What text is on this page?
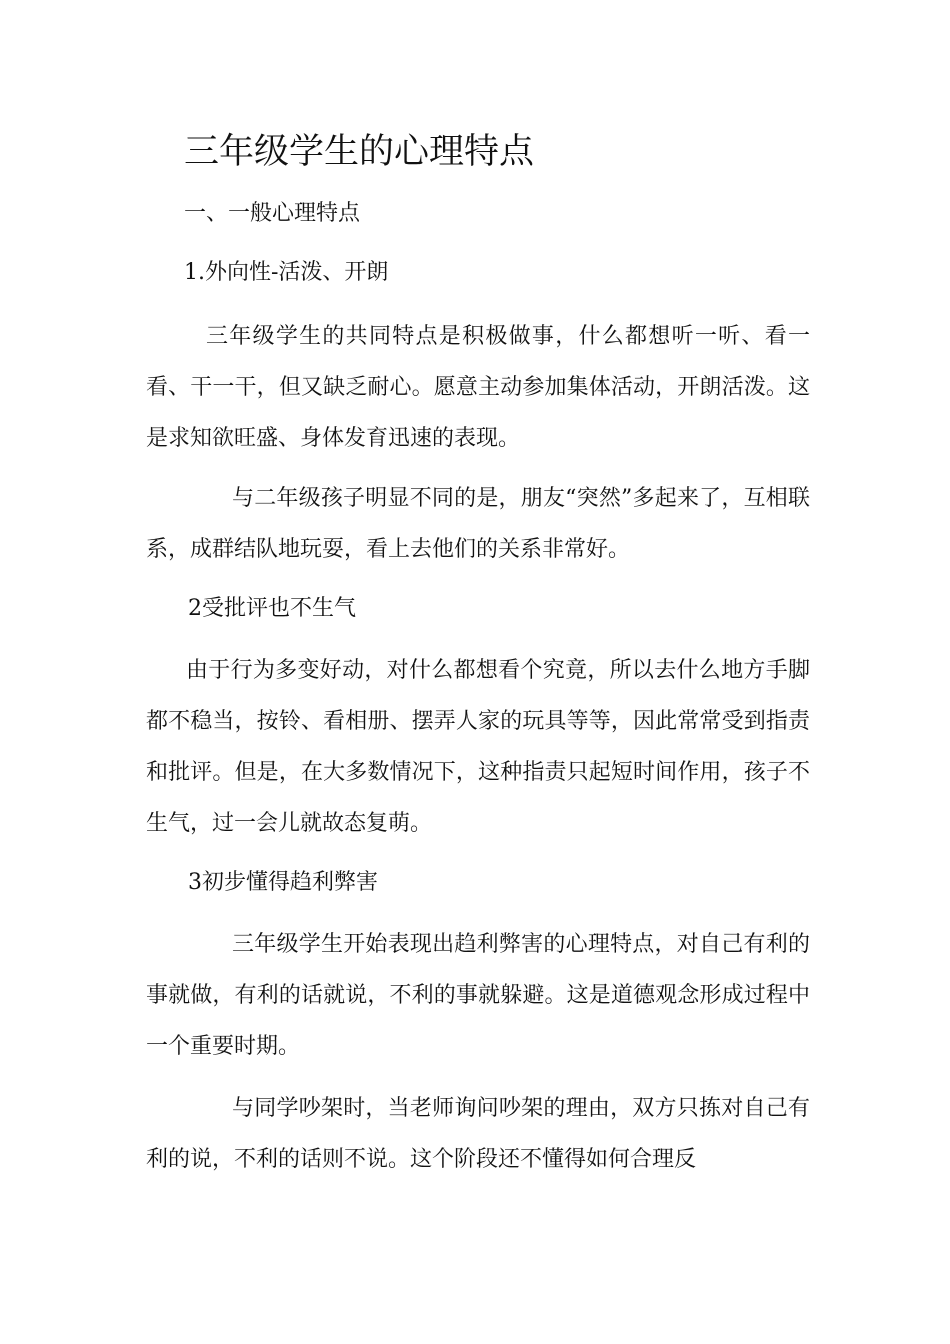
三年级学生的心理特点
一、一般心理特点
1.外向性-活泼、开朗
三年级学生的共同特点是积极做事，什么都想听一听、看一看、干一干，但又缺乏耐心。愿意主动参加集体活动，开朗活泼。这是求知欲旺盛、身体发育迅速的表现。
与二年级孩子明显不同的是，朋友“突然”多起来了，互相联系，成群结队地玩耍，看上去他们的关系非常好。
2受批评也不生气
由于行为多变好动，对什么都想看个究竟，所以去什么地方手脚都不稳当，按铃、看相册、摆弄人家的玩具等等，因此常常受到指责和批评。但是，在大多数情况下，这种指责只起短时间作用，孩子不生气，过一会儿就故态复萌。
3初步懂得趋利弊害
三年级学生开始表现出趋利弊害的心理特点，对自己有利的事就做，有利的话就说，不利的事就躲避。这是道德观念形成过程中一个重要时期。
与同学吵架时，当老师询问吵架的理由，双方只拣对自己有利的说，不利的话则不说。这个阶段还不懂得如何合理反
